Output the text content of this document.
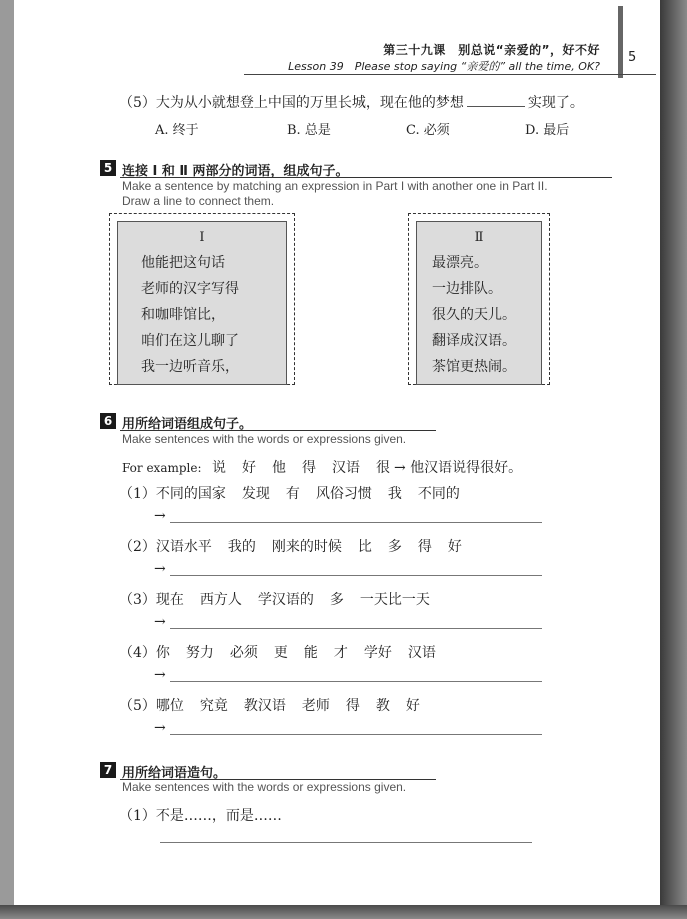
第三十九课　别总说“亲爱的”，好不好
Lesson 39　Please stop saying “亲爱的” all the time, OK?
5
（5）大为从小就想登上中国的万里长城，现在他的梦想	实现了。
A. 终于	B. 总是	C. 必须	D. 最后
5 连接 Ⅰ 和 Ⅱ 两部分的词语，组成句子。
Make a sentence by matching an expression in Part I with another one in Part II.
Draw a line to connect them.
Ⅰ
他能把这句话
老师的汉字写得
和咖啡馆比，
咱们在这儿聊了
我一边听音乐，
Ⅱ
最漂亮。
一边排队。
很久的天儿。
翻译成汉语。
茶馆更热闹。
6 用所给词语组成句子。
Make sentences with the words or expressions given.
For example: 说 好 他 得 汉语 很 → 他汉语说得很好。
（1）不同的国家 发现 有 风俗习惯 我 不同的
→
（2）汉语水平 我的 刚来的时候 比 多 得 好
→
（3）现在 西方人 学汉语的 多 一天比一天
→
（4）你 努力 必须 更 能 才 学好 汉语
→
（5）哪位 究竟 教汉语 老师 得 教 好
→
7 用所给词语造句。
Make sentences with the words or expressions given.
（1）不是……，而是……
